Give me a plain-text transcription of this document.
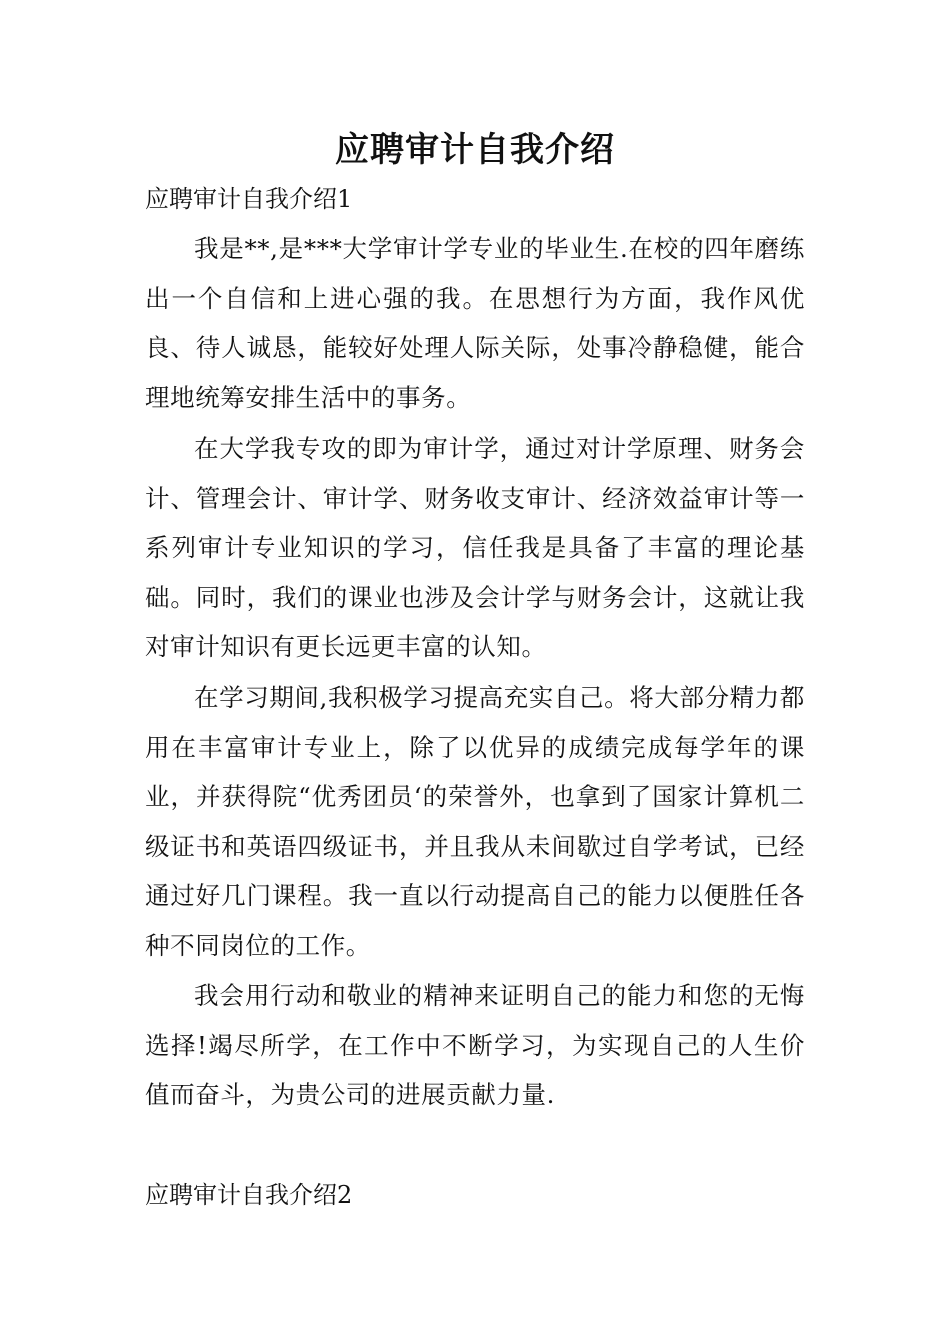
应聘审计自我介绍
应聘审计自我介绍1

我是**,是***大学审计学专业的毕业生.在校的四年磨练出一个自信和上进心强的我。在思想行为方面，我作风优良、待人诚恳，能较好处理人际关际，处事冷静稳健，能合理地统筹安排生活中的事务。

在大学我专攻的即为审计学，通过对计学原理、财务会计、管理会计、审计学、财务收支审计、经济效益审计等一系列审计专业知识的学习，信任我是具备了丰富的理论基础。同时，我们的课业也涉及会计学与财务会计，这就让我对审计知识有更长远更丰富的认知。

在学习期间,我积极学习提高充实自己。将大部分精力都用在丰富审计专业上，除了以优异的成绩完成每学年的课业，并获得院“优秀团员‘的荣誉外，也拿到了国家计算机二级证书和英语四级证书，并且我从未间歇过自学考试，已经通过好几门课程。我一直以行动提高自己的能力以便胜任各种不同岗位的工作。

我会用行动和敬业的精神来证明自己的能力和您的无悔选择!竭尽所学，在工作中不断学习，为实现自己的人生价值而奋斗，为贵公司的进展贡献力量.

应聘审计自我介绍2
